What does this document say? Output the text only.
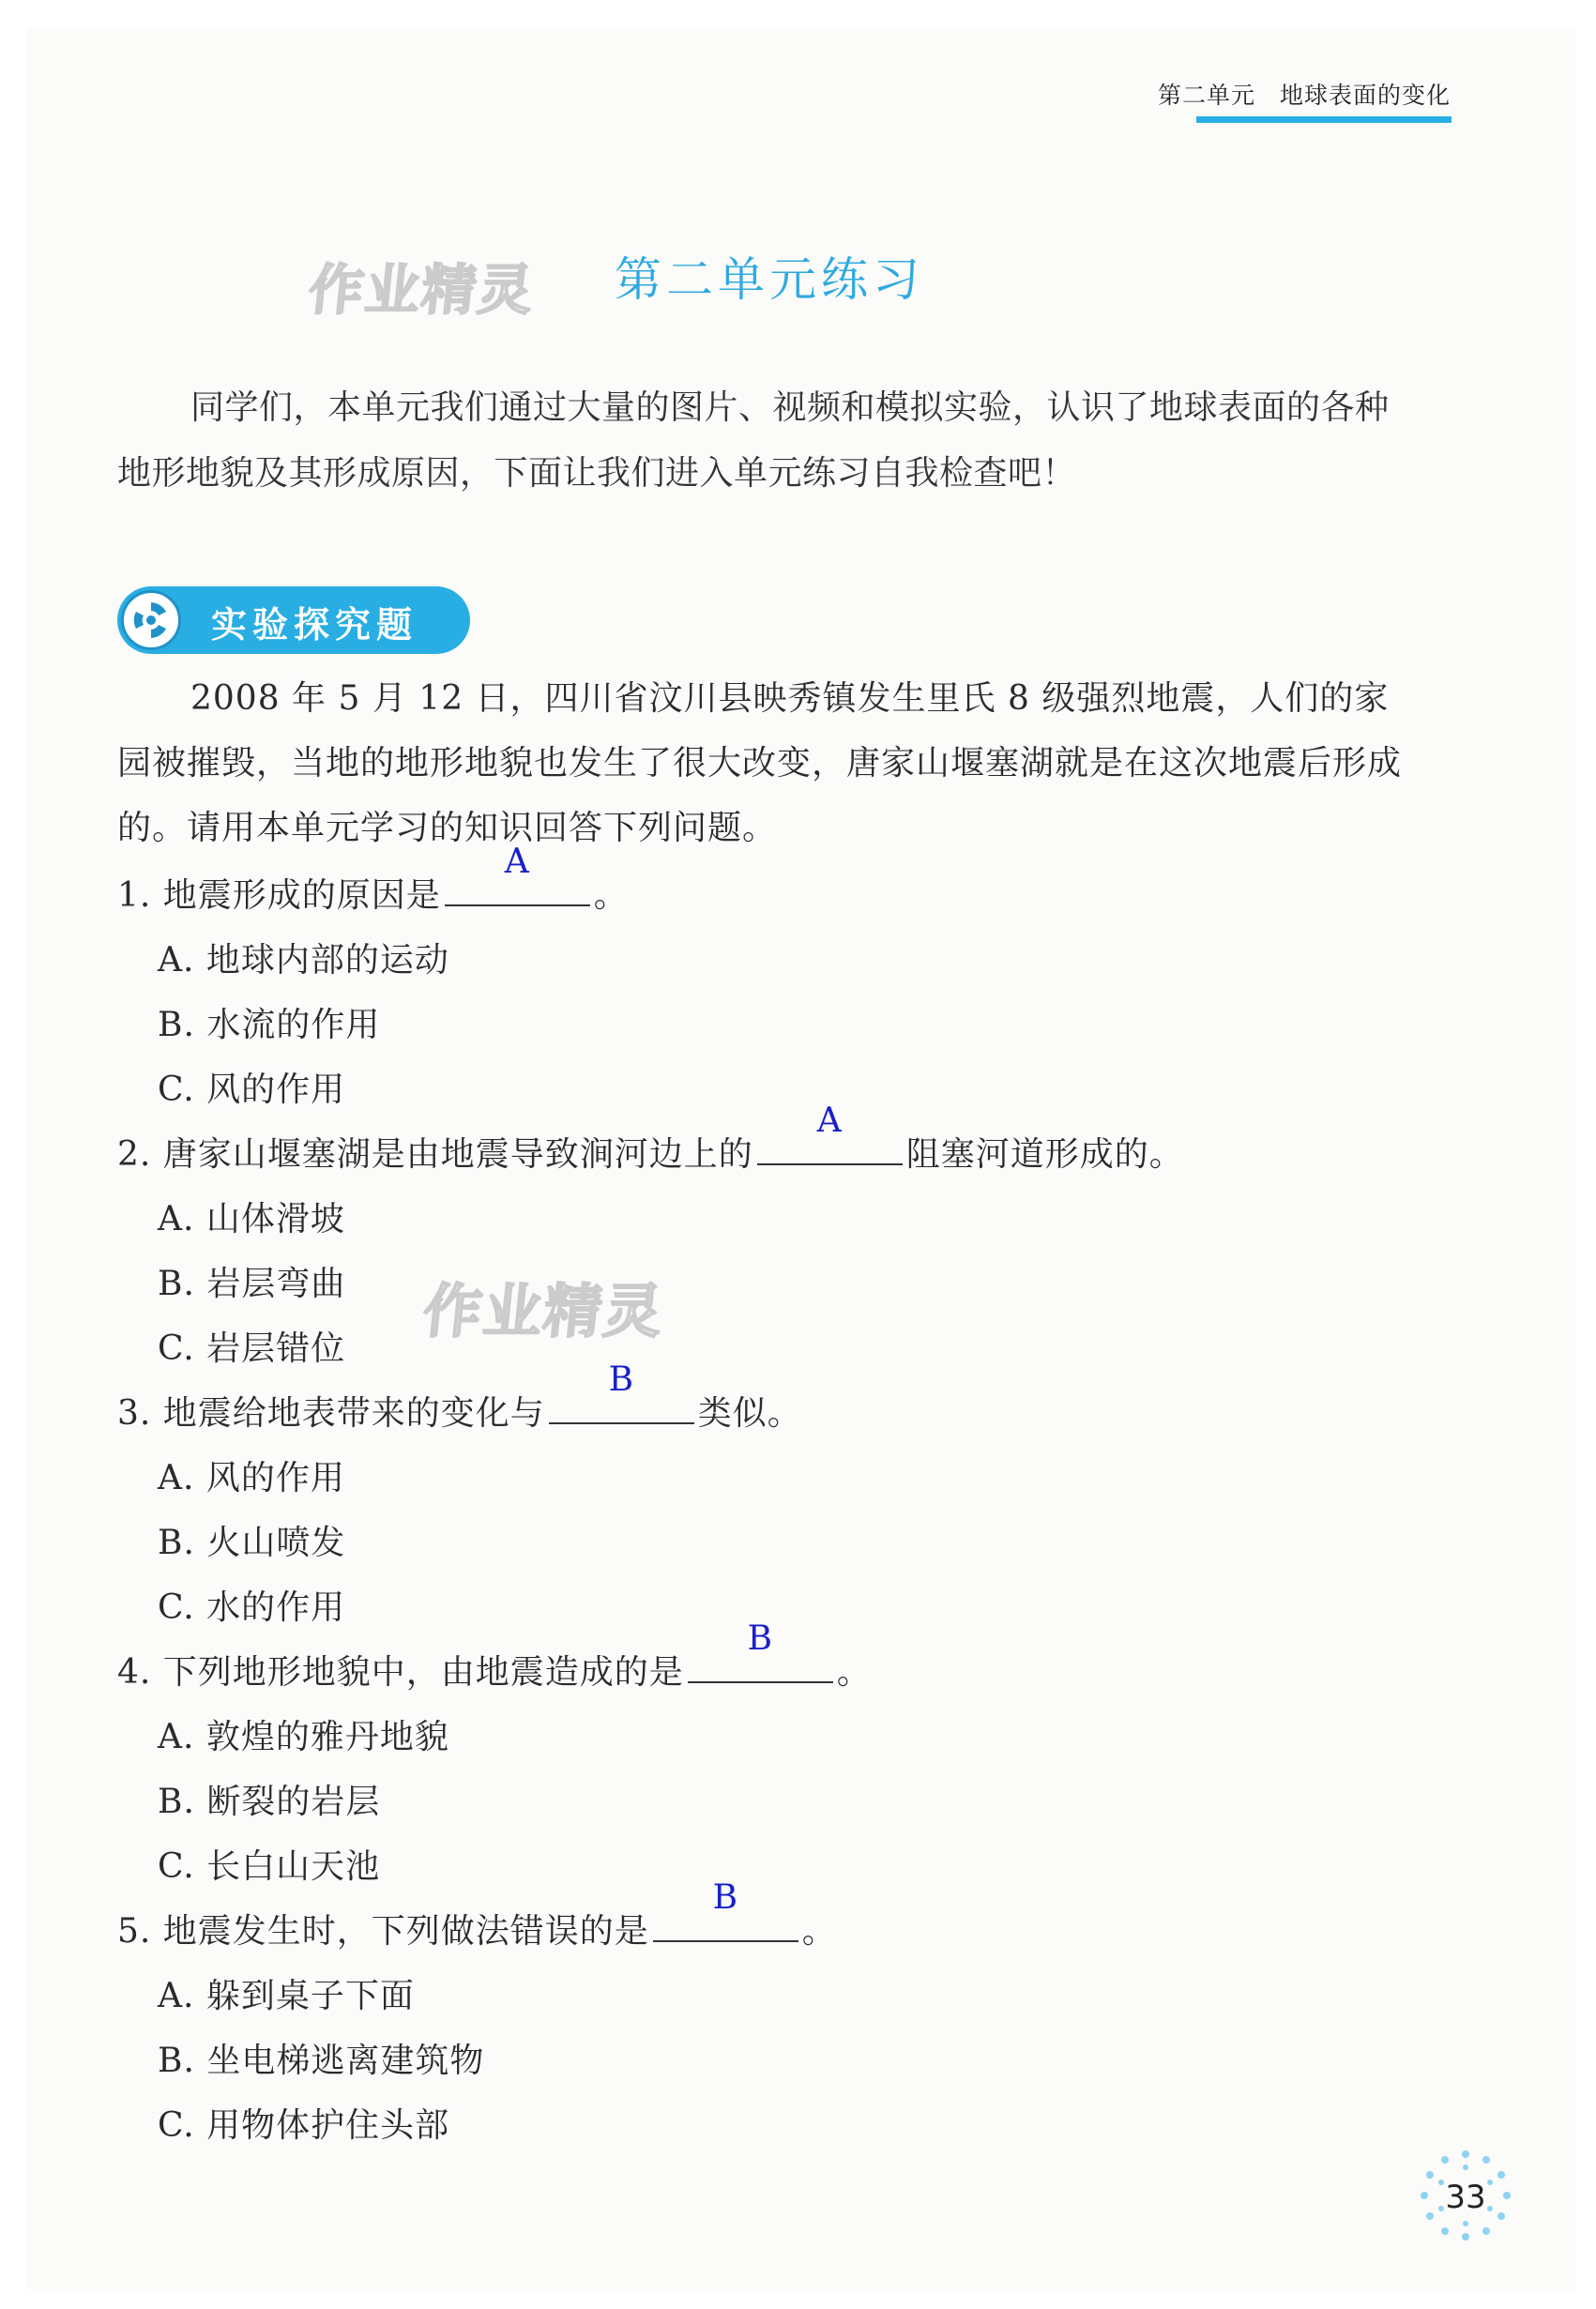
第二单元 地球表面的变化
作业精灵 第二单元练习
同学们，本单元我们通过大量的图片、视频和模拟实验，认识了地球表面的各种地形地貌及其形成原因，下面让我们进入单元练习自我检查吧！
实验探究题
2008 年 5 月 12 日，四川省汶川县映秀镇发生里氏 8 级强烈地震，人们的家园被摧毁，当地的地形地貌也发生了很大改变，唐家山堰塞湖就是在这次地震后形成的。请用本单元学习的知识回答下列问题。
1. 地震形成的原因是
A
。
A. 地球内部的运动
B. 水流的作用
C. 风的作用
2. 唐家山堰塞湖是由地震导致涧河边上的
A
阻塞河道形成的。
A. 山体滑坡
B. 岩层弯曲
C. 岩层错位
作业精灵
3. 地震给地表带来的变化与
B
类似。
A. 风的作用
B. 火山喷发
C. 水的作用
4. 下列地形地貌中，由地震造成的是
B
。
A. 敦煌的雅丹地貌
B. 断裂的岩层
C. 长白山天池
5. 地震发生时，下列做法错误的是
B
。
A. 躲到桌子下面
B. 坐电梯逃离建筑物
C. 用物体护住头部
33
